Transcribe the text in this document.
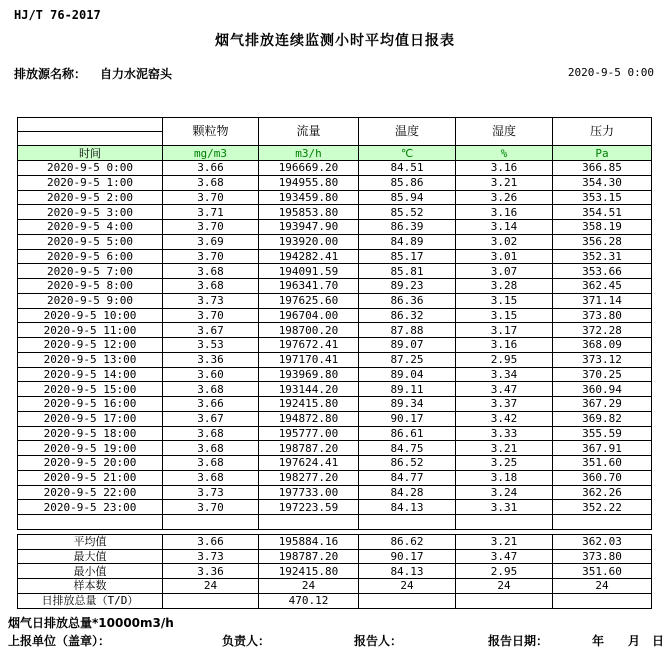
HJ/T 76-2017
烟气排放连续监测小时平均值日报表
排放源名称： 自力水泥窑头	2020-9-5 0:00
	颗粒物	流量	温度	湿度	压力

时间	mg/m3	m3/h	℃	%	Pa
2020-9-5 0:00	3.66	196669.20	84.51	3.16	366.85
2020-9-5 1:00	3.68	194955.80	85.86	3.21	354.30
2020-9-5 2:00	3.70	193459.80	85.94	3.26	353.15
2020-9-5 3:00	3.71	195853.80	85.52	3.16	354.51
2020-9-5 4:00	3.70	193947.90	86.39	3.14	358.19
2020-9-5 5:00	3.69	193920.00	84.89	3.02	356.28
2020-9-5 6:00	3.70	194282.41	85.17	3.01	352.31
2020-9-5 7:00	3.68	194091.59	85.81	3.07	353.66
2020-9-5 8:00	3.68	196341.70	89.23	3.28	362.45
2020-9-5 9:00	3.73	197625.60	86.36	3.15	371.14
2020-9-5 10:00	3.70	196704.00	86.32	3.15	373.80
2020-9-5 11:00	3.67	198700.20	87.88	3.17	372.28
2020-9-5 12:00	3.53	197672.41	89.07	3.16	368.09
2020-9-5 13:00	3.36	197170.41	87.25	2.95	373.12
2020-9-5 14:00	3.60	193969.80	89.04	3.34	370.25
2020-9-5 15:00	3.68	193144.20	89.11	3.47	360.94
2020-9-5 16:00	3.66	192415.80	89.34	3.37	367.29
2020-9-5 17:00	3.67	194872.80	90.17	3.42	369.82
2020-9-5 18:00	3.68	195777.00	86.61	3.33	355.59
2020-9-5 19:00	3.68	198787.20	84.75	3.21	367.91
2020-9-5 20:00	3.68	197624.41	86.52	3.25	351.60
2020-9-5 21:00	3.68	198277.20	84.77	3.18	360.70
2020-9-5 22:00	3.73	197733.00	84.28	3.24	362.26
2020-9-5 23:00	3.70	197223.59	84.13	3.31	352.22

平均值	3.66	195884.16	86.62	3.21	362.03
最大值	3.73	198787.20	90.17	3.47	373.80
最小值	3.36	192415.80	84.13	2.95	351.60
样本数	24	24	24	24	24
日排放总量（T/D）		470.12			
烟气日排放总量*10000m3/h
上报单位（盖章）：	负责人：	报告人：	报告日期：	年 月 日
